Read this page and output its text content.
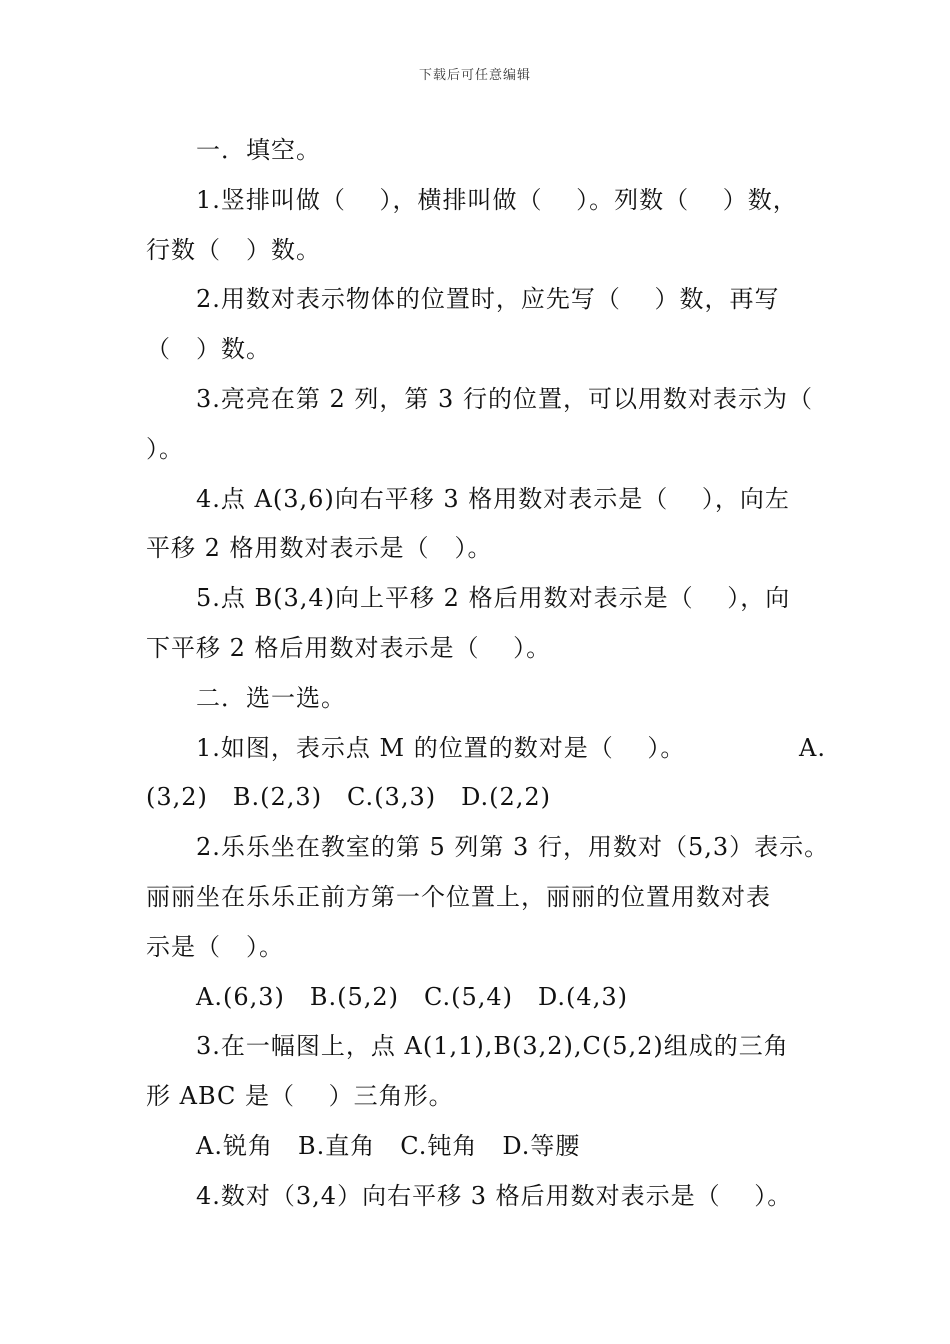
下载后可任意编辑
一．填空。
1.竖排叫做（　 ），横排叫做（　 ）。列数（　 ）数，
行数（　）数。
2.用数对表示物体的位置时，应先写（　 ）数，再写
（　）数。
3.亮亮在第 2 列，第 3 行的位置，可以用数对表示为（
）。
4.点 A(3,6)向右平移 3 格用数对表示是（　 ），向左
平移 2 格用数对表示是（　）。
5.点 B(3,4)向上平移 2 格后用数对表示是（　 ），向
下平移 2 格后用数对表示是（　 ）。
二．选一选。
1.如图，表示点 M 的位置的数对是（　 ）。	A.
(3,2)　B.(2,3)　C.(3,3)　D.(2,2)
2.乐乐坐在教室的第 5 列第 3 行，用数对（5,3）表示。
丽丽坐在乐乐正前方第一个位置上，丽丽的位置用数对表
示是（　）。
A.(6,3)　B.(5,2)　C.(5,4)　D.(4,3)
3.在一幅图上，点 A(1,1),B(3,2),C(5,2)组成的三角
形 ABC 是（　 ）三角形。
A.锐角　B.直角　C.钝角　D.等腰
4.数对（3,4）向右平移 3 格后用数对表示是（　 ）。
